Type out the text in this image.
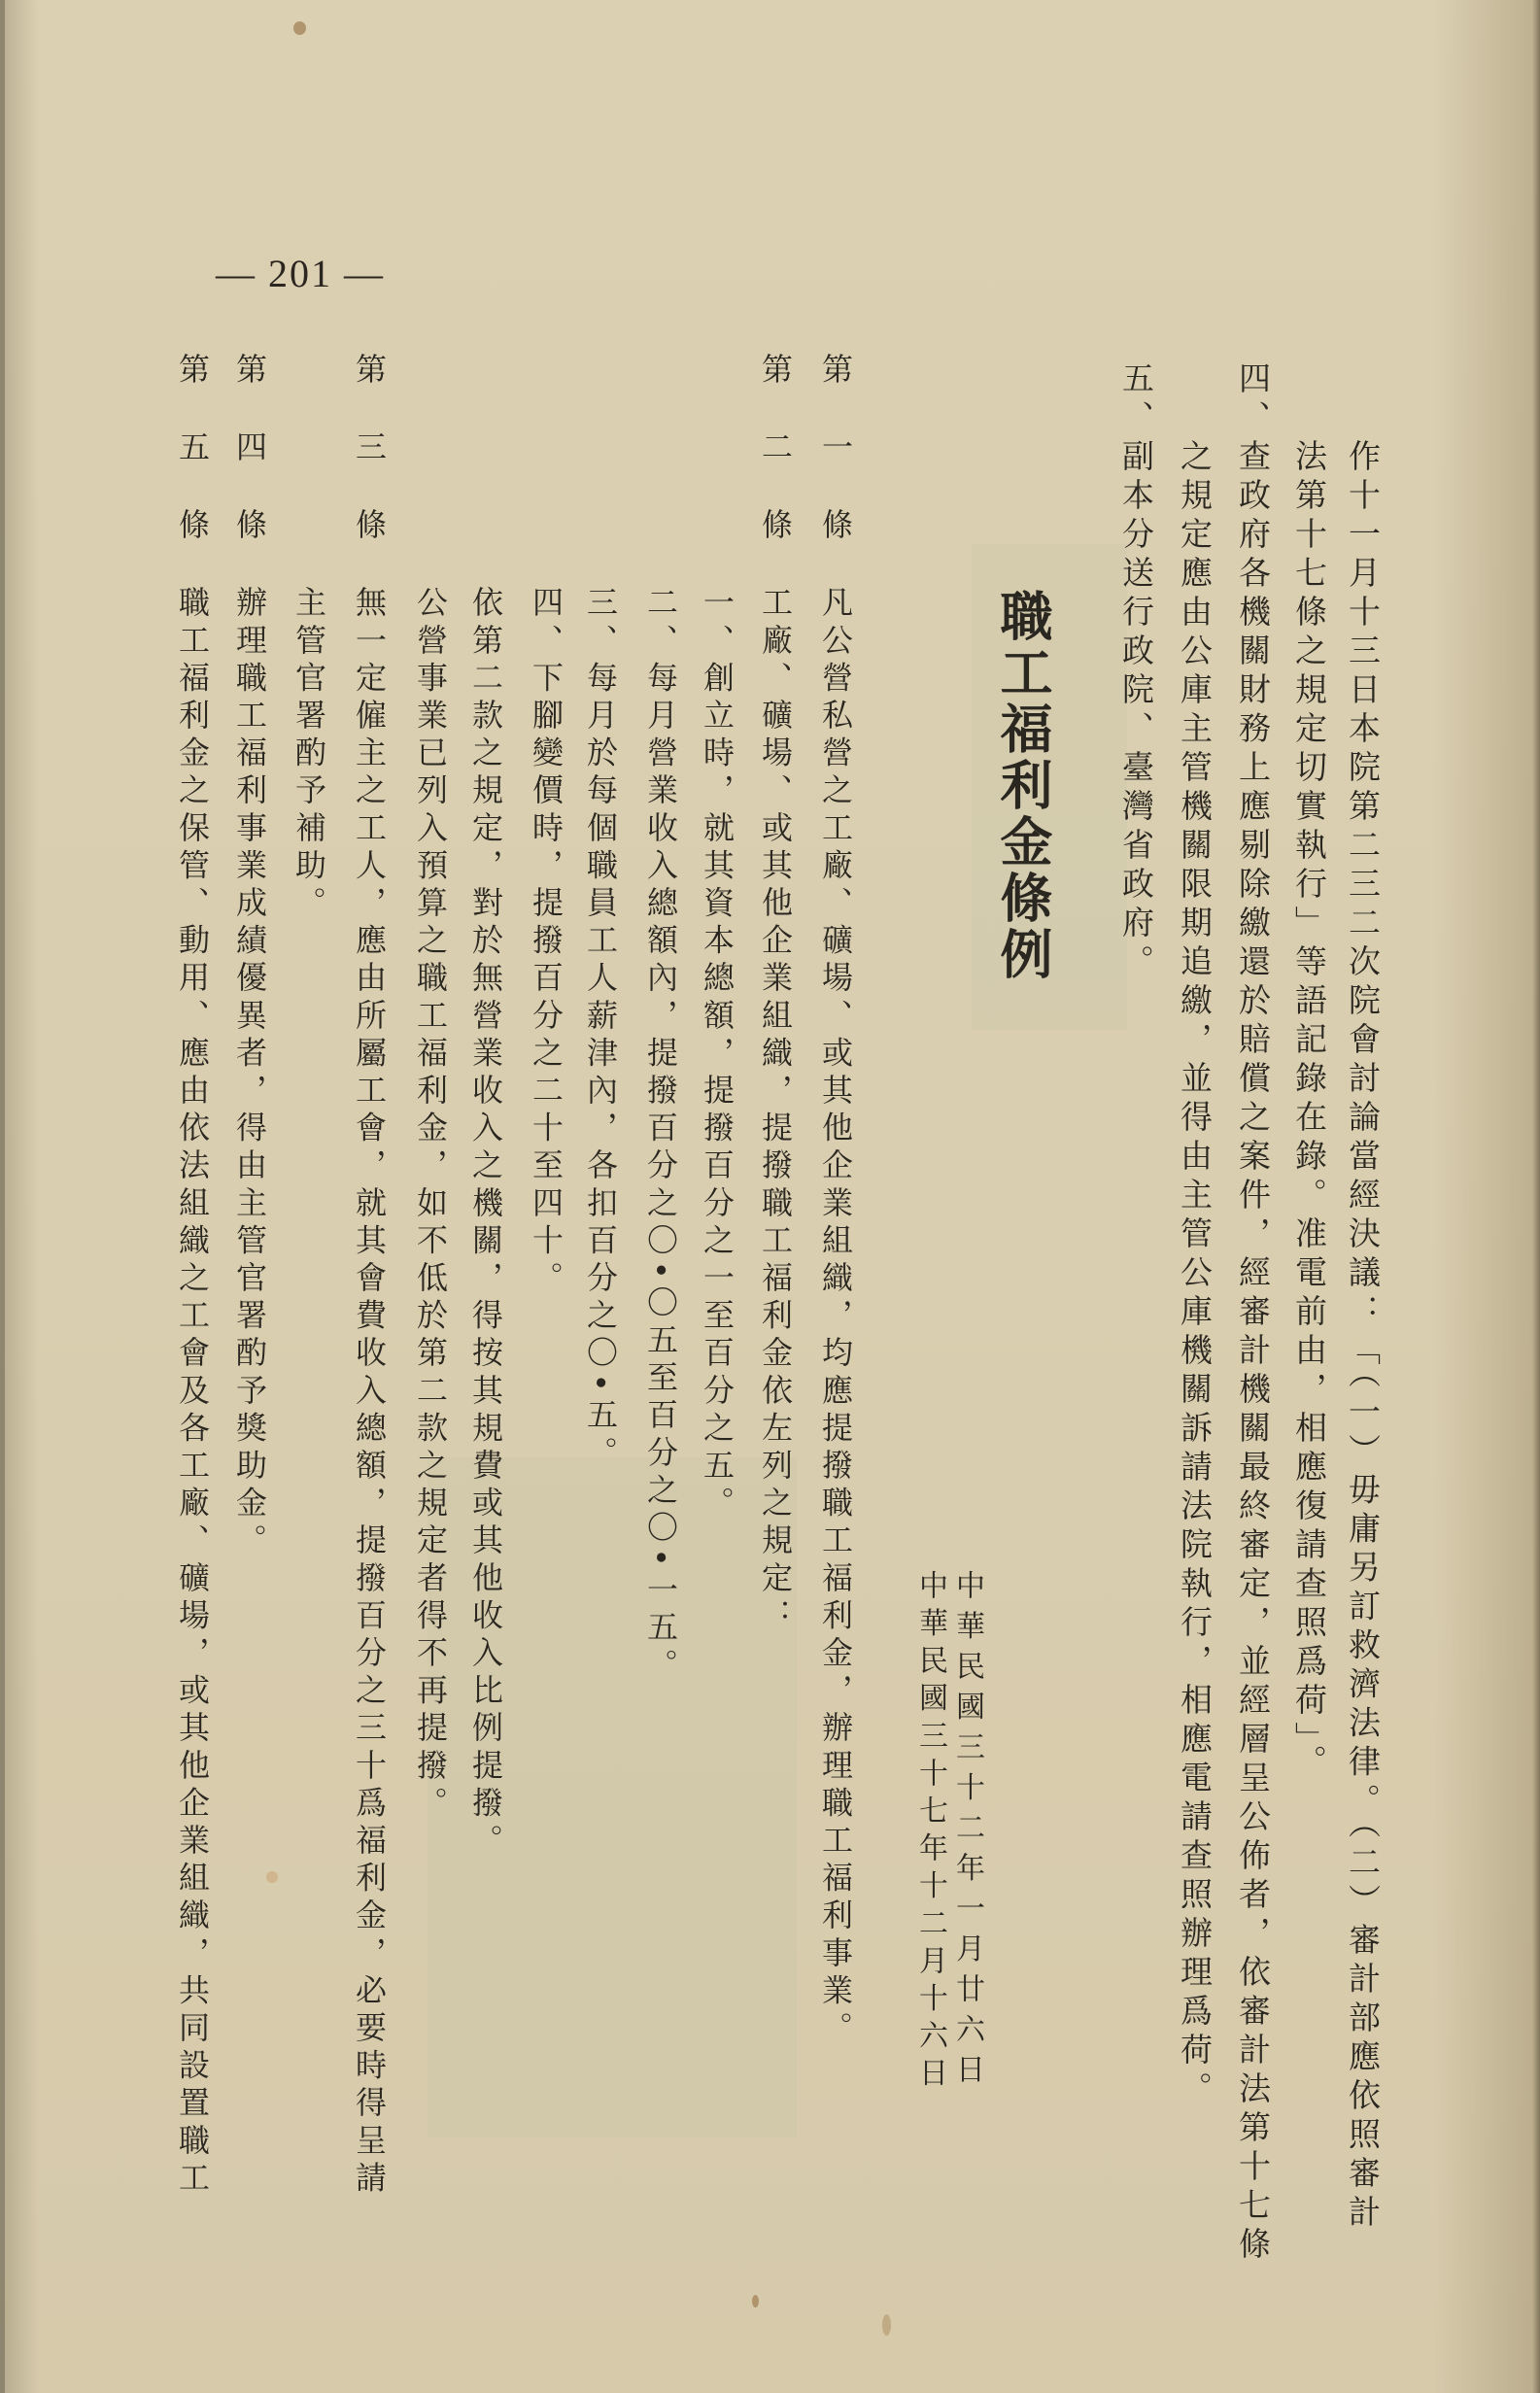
— 201 —
作十一月十三日本院第二三二次院會討論當經決議：「（一）毋庸另訂救濟法律。（二）審計部應依照審計
法第十七條之規定切實執行」等語記錄在錄。准電前由，相應復請查照爲荷」。
四、查政府各機關財務上應剔除繳還於賠償之案件，經審計機關最終審定，並經層呈公佈者，依審計法第十七條
之規定應由公庫主管機關限期追繳，並得由主管公庫機關訴請法院執行，相應電請查照辦理爲荷。
五、副本分送行政院、臺灣省政府。
職工福利金條例
中華民國三十二年一月廿六日
中華民國三十七年十二月十六日
第一條
凡公營私營之工廠、礦場、或其他企業組織，均應提撥職工福利金，辦理職工福利事業。
第二條
工廠、礦場、或其他企業組織，提撥職工福利金依左列之規定：
一、創立時，就其資本總額，提撥百分之一至百分之五。
二、每月營業收入總額內，提撥百分之〇•〇五至百分之〇•一五。
三、每月於每個職員工人薪津內，各扣百分之〇•五。
四、下腳變價時，提撥百分之二十至四十。
依第二款之規定，對於無營業收入之機關，得按其規費或其他收入比例提撥。
公營事業已列入預算之職工福利金，如不低於第二款之規定者得不再提撥。
第三條
無一定僱主之工人，應由所屬工會，就其會費收入總額，提撥百分之三十爲福利金，必要時得呈請
主管官署酌予補助。
第四條
辦理職工福利事業成績優異者，得由主管官署酌予獎助金。
第五條
職工福利金之保管、動用、應由依法組織之工會及各工廠、礦場，或其他企業組織，共同設置職工
